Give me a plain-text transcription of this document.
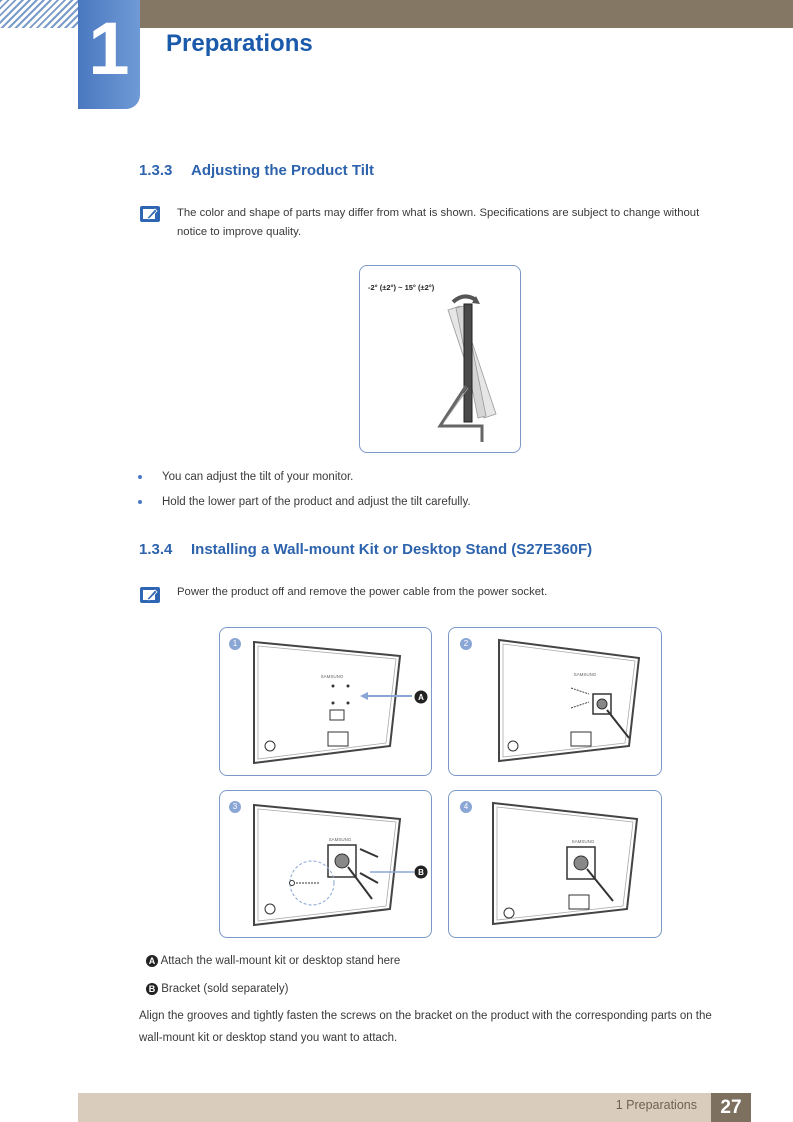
1	Preparations
1.3.3 Adjusting the Product Tilt
The color and shape of parts may differ from what is shown. Specifications are subject to change without notice to improve quality.
-2° (±2°) ~ 15° (±2°)
You can adjust the tilt of your monitor.
Hold the lower part of the product and adjust the tilt carefully.
1.3.4 Installing a Wall-mount Kit or Desktop Stand (S27E360F)
Power the product off and remove the power cable from the power socket.
1
SAMSUNG
A
2
SAMSUNG
3
SAMSUNG
B
4
SAMSUNG
A Attach the wall-mount kit or desktop stand here
B Bracket (sold separately)
Align the grooves and tightly fasten the screws on the bracket on the product with the corresponding parts on the wall-mount kit or desktop stand you want to attach.
1 Preparations	27
